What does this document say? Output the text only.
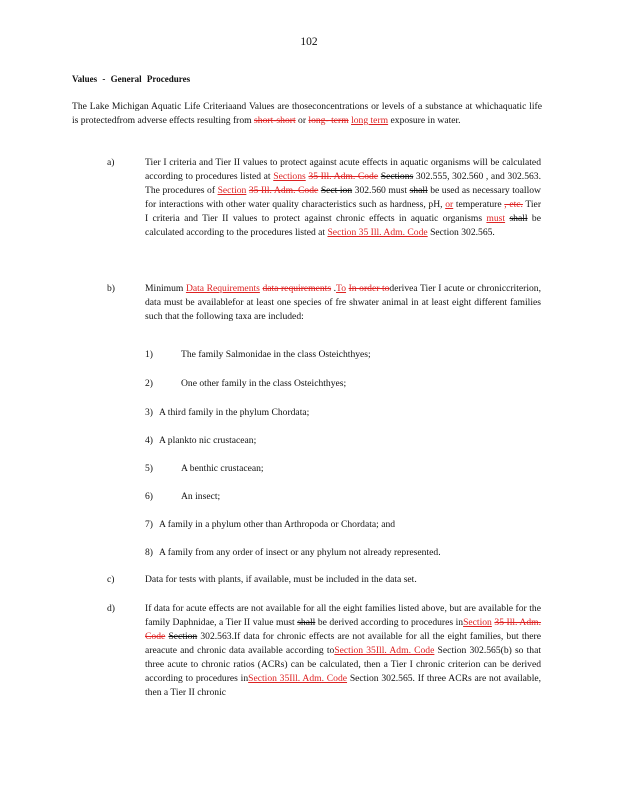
102
Values - General Procedures
The Lake Michigan Aquatic Life Criteriaand Values are thoseconcentrations or levels of a substance at whichaquatic life is protectedfrom adverse effects resulting from short-short or long- term long term exposure in water.
a)	Tier I criteria and Tier II values to protect against acute effects in aquatic organisms will be calculated according to procedures listed at Sections 35 Ill. Adm. Code Sections 302.555, 302.560 , and 302.563. The procedures of Section 35 Ill. Adm. Code Sect ion 302.560 must shall be used as necessary toallow for interactions with other water quality characteristics such as hardness, pH, or temperature , etc. Tier I criteria and Tier II values to protect against chronic effects in aquatic organisms must shall be calculated according to the procedures listed at Section 35 Ill. Adm. Code Section 302.565.
b)	Minimum Data Requirements data requirements .To In order toderivea Tier I acute or chroniccriterion, data must be availablefor at least one species of fre shwater animal in at least eight different families such that the following taxa are included:
1)	The family Salmonidae in the class Osteichthyes;
2)	One other family in the class Osteichthyes;
3) A third family in the phylum Chordata;
4) A plankto nic crustacean;
5)	A benthic crustacean;
6)	An insect;
7) A family in a phylum other than Arthropoda or Chordata; and
8) A family from any order of insect or any phylum not already represented.
c)	Data for tests with plants, if available, must be included in the data set.
d)	If data for acute effects are not available for all the eight families listed above, but are available for the family Daphnidae, a Tier II value must shall be derived according to procedures inSection 35 Ill. Adm. Code Section 302.563.If data for chronic effects are not available for all the eight families, but there areacute and chronic data available according toSection 35Ill. Adm. Code Section 302.565(b) so that three acute to chronic ratios (ACRs) can be calculated, then a Tier I chronic criterion can be derived according to procedures inSection 35Ill. Adm. Code Section 302.565. If three ACRs are not available, then a Tier II chronic
